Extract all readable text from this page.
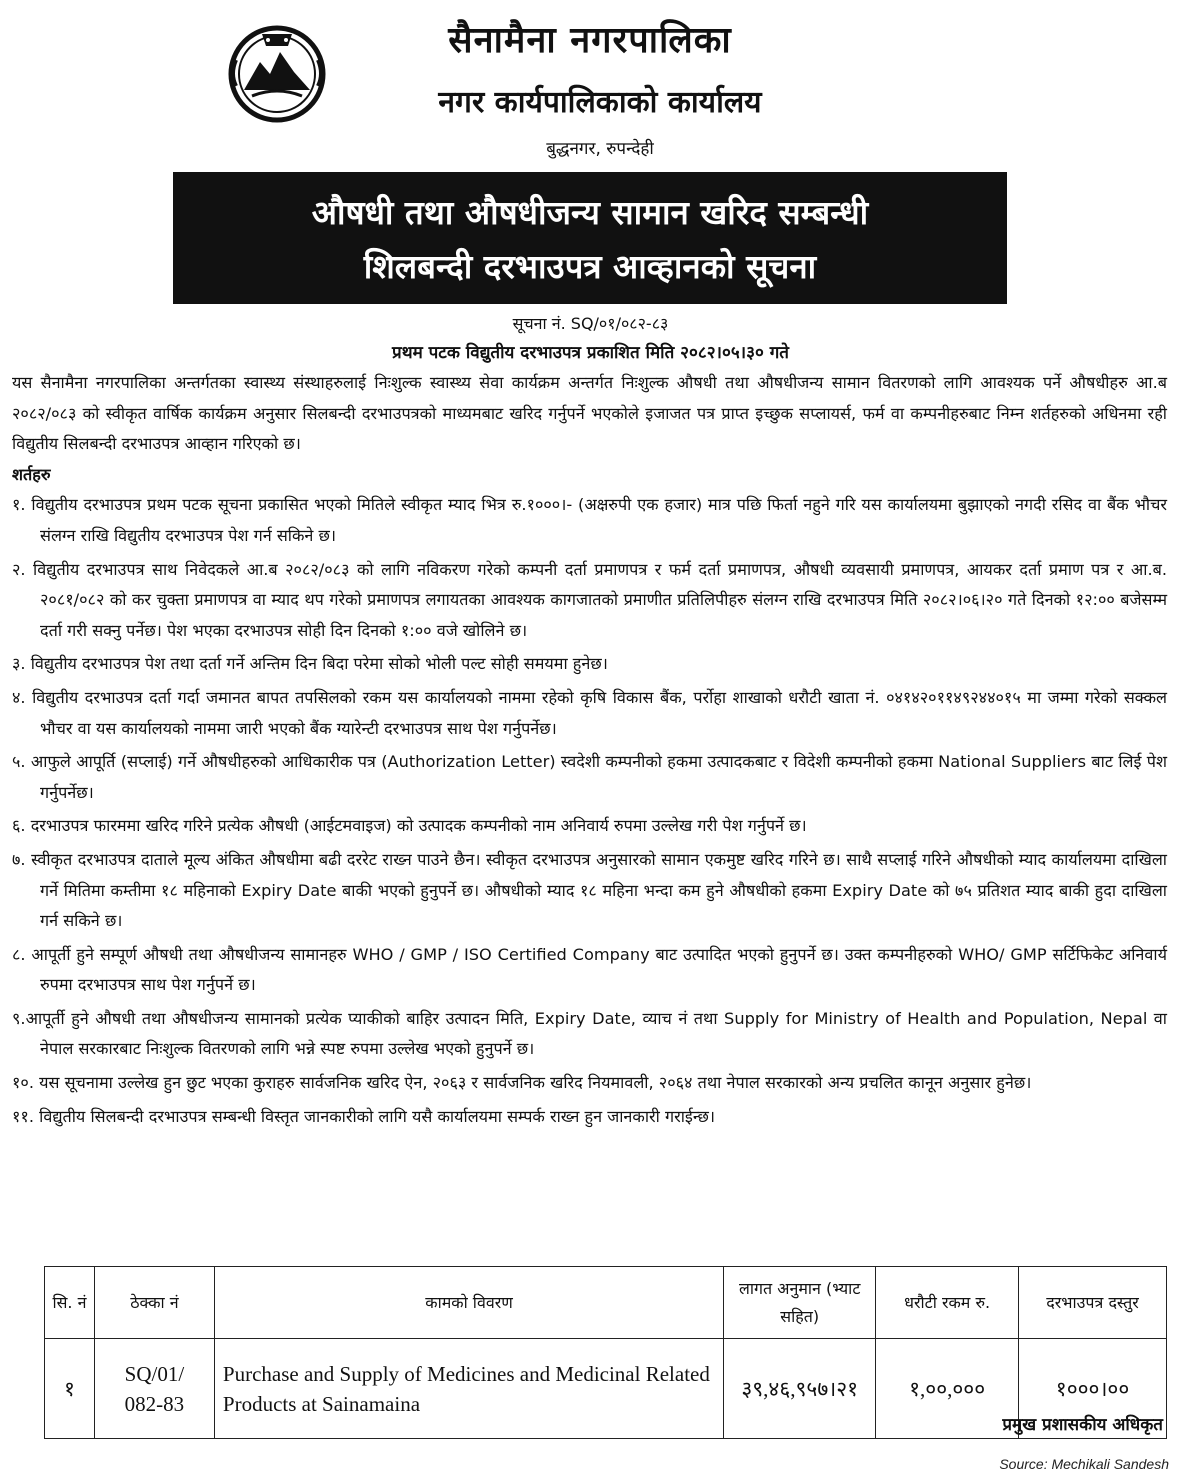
सैनामैना नगरपालिका
नगर कार्यपालिकाको कार्यालय
बुद्धनगर, रुपन्देही
औषधी तथा औषधीजन्य सामान खरिद सम्बन्धी
शिलबन्दी दरभाउपत्र आव्हानको सूचना
सूचना नं. SQ/०१/०८२-८३
प्रथम पटक विद्युतीय दरभाउपत्र प्रकाशित मिति २०८२।०५।३० गते

यस सैनामैना नगरपालिका अन्तर्गतका स्वास्थ्य संस्थाहरुलाई निःशुल्क स्वास्थ्य सेवा कार्यक्रम अन्तर्गत निःशुल्क औषधी तथा औषधीजन्य सामान वितरणको लागि आवश्यक पर्ने औषधीहरु आ.ब २०८२/०८३ को स्वीकृत वार्षिक कार्यक्रम अनुसार सिलबन्दी दरभाउपत्रको माध्यमबाट खरिद गर्नुपर्ने भएकोले इजाजत पत्र प्राप्त इच्छुक सप्लायर्स, फर्म वा कम्पनीहरुबाट निम्न शर्तहरुको अधिनमा रही विद्युतीय सिलबन्दी दरभाउपत्र आव्हान गरिएको छ।

शर्तहरु

१. विद्युतीय दरभाउपत्र प्रथम पटक सूचना प्रकासित भएको मितिले स्वीकृत म्याद भित्र रु.१०००।- (अक्षरुपी एक हजार) मात्र पछि फिर्ता नहुने गरि यस कार्यालयमा बुझाएको नगदी रसिद वा बैंक भौचर संलग्न राखि विद्युतीय दरभाउपत्र पेश गर्न सकिने छ।

२. विद्युतीय दरभाउपत्र साथ निवेदकले आ.ब २०८२/०८३ को लागि नविकरण गरेको कम्पनी दर्ता प्रमाणपत्र र फर्म दर्ता प्रमाणपत्र, औषधी व्यवसायी प्रमाणपत्र, आयकर दर्ता प्रमाण पत्र र आ.ब. २०८१/०८२ को कर चुक्ता प्रमाणपत्र वा म्याद थप गरेको प्रमाणपत्र लगायतका आवश्यक कागजातको प्रमाणीत प्रतिलिपीहरु संलग्न राखि दरभाउपत्र मिति २०८२।०६।२० गते दिनको १२:०० बजेसम्म दर्ता गरी सक्नु पर्नेछ। पेश भएका दरभाउपत्र सोही दिन दिनको १:०० वजे खोलिने छ।

३. विद्युतीय दरभाउपत्र पेश तथा दर्ता गर्ने अन्तिम दिन बिदा परेमा सोको भोली पल्ट सोही समयमा हुनेछ।

४. विद्युतीय दरभाउपत्र दर्ता गर्दा जमानत बापत तपसिलको रकम यस कार्यालयको नाममा रहेको कृषि विकास बैंक, पर्रोहा शाखाको धरौटी खाता नं. ०४१४२०११४९२४४०१५ मा जम्मा गरेको सक्कल भौचर वा यस कार्यालयको नाममा जारी भएको बैंक ग्यारेन्टी दरभाउपत्र साथ पेश गर्नुपर्नेछ।

५. आफुले आपूर्ति (सप्लाई) गर्ने औषधीहरुको आधिकारीक पत्र (Authorization Letter) स्वदेशी कम्पनीको हकमा उत्पादकबाट र विदेशी कम्पनीको हकमा National Suppliers बाट लिई पेश गर्नुपर्नेछ।

६. दरभाउपत्र फारममा खरिद गरिने प्रत्येक औषधी (आईटमवाइज) को उत्पादक कम्पनीको नाम अनिवार्य रुपमा उल्लेख गरी पेश गर्नुपर्ने छ।

७. स्वीकृत दरभाउपत्र दाताले मूल्य अंकित औषधीमा बढी दररेट राख्न पाउने छैन। स्वीकृत दरभाउपत्र अनुसारको सामान एकमुष्ट खरिद गरिने छ। साथै सप्लाई गरिने औषधीको म्याद कार्यालयमा दाखिला गर्ने मितिमा कम्तीमा १८ महिनाको Expiry Date बाकी भएको हुनुपर्ने छ। औषधीको म्याद १८ महिना भन्दा कम हुने औषधीको हकमा Expiry Date को ७५ प्रतिशत म्याद बाकी हुदा दाखिला गर्न सकिने छ।

८. आपूर्ती हुने सम्पूर्ण औषधी तथा औषधीजन्य सामानहरु WHO / GMP / ISO Certified Company बाट उत्पादित भएको हुनुपर्ने छ। उक्त कम्पनीहरुको WHO/ GMP सर्टिफिकेट अनिवार्य रुपमा दरभाउपत्र साथ पेश गर्नुपर्ने छ।

९.आपूर्ती हुने औषधी तथा औषधीजन्य सामानको प्रत्येक प्याकीको बाहिर उत्पादन मिति, Expiry Date, व्याच नं तथा Supply for Ministry of Health and Population, Nepal वा नेपाल सरकारबाट निःशुल्क वितरणको लागि भन्ने स्पष्ट रुपमा उल्लेख भएको हुनुपर्ने छ।

१०. यस सूचनामा उल्लेख हुन छुट भएका कुराहरु सार्वजनिक खरिद ऐन, २०६३ र सार्वजनिक खरिद नियमावली, २०६४ तथा नेपाल सरकारको अन्य प्रचलित कानून अनुसार हुनेछ।

११. विद्युतीय सिलबन्दी दरभाउपत्र सम्बन्धी विस्तृत जानकारीको लागि यसै कार्यालयमा सम्पर्क राख्न हुन जानकारी गराईन्छ।

सि. नं	ठेक्का नं	कामको विवरण	लागत अनुमान (भ्याट सहित)	धरौटी रकम रु.	दरभाउपत्र दस्तुर
१	SQ/01/ 082-83	Purchase and Supply of Medicines and Medicinal Related Products at Sainamaina	३९,४६,९५७।२१	१,००,०००	१०००।००
प्रमुख प्रशासकीय अधिकृत
Source: Mechikali Sandesh
